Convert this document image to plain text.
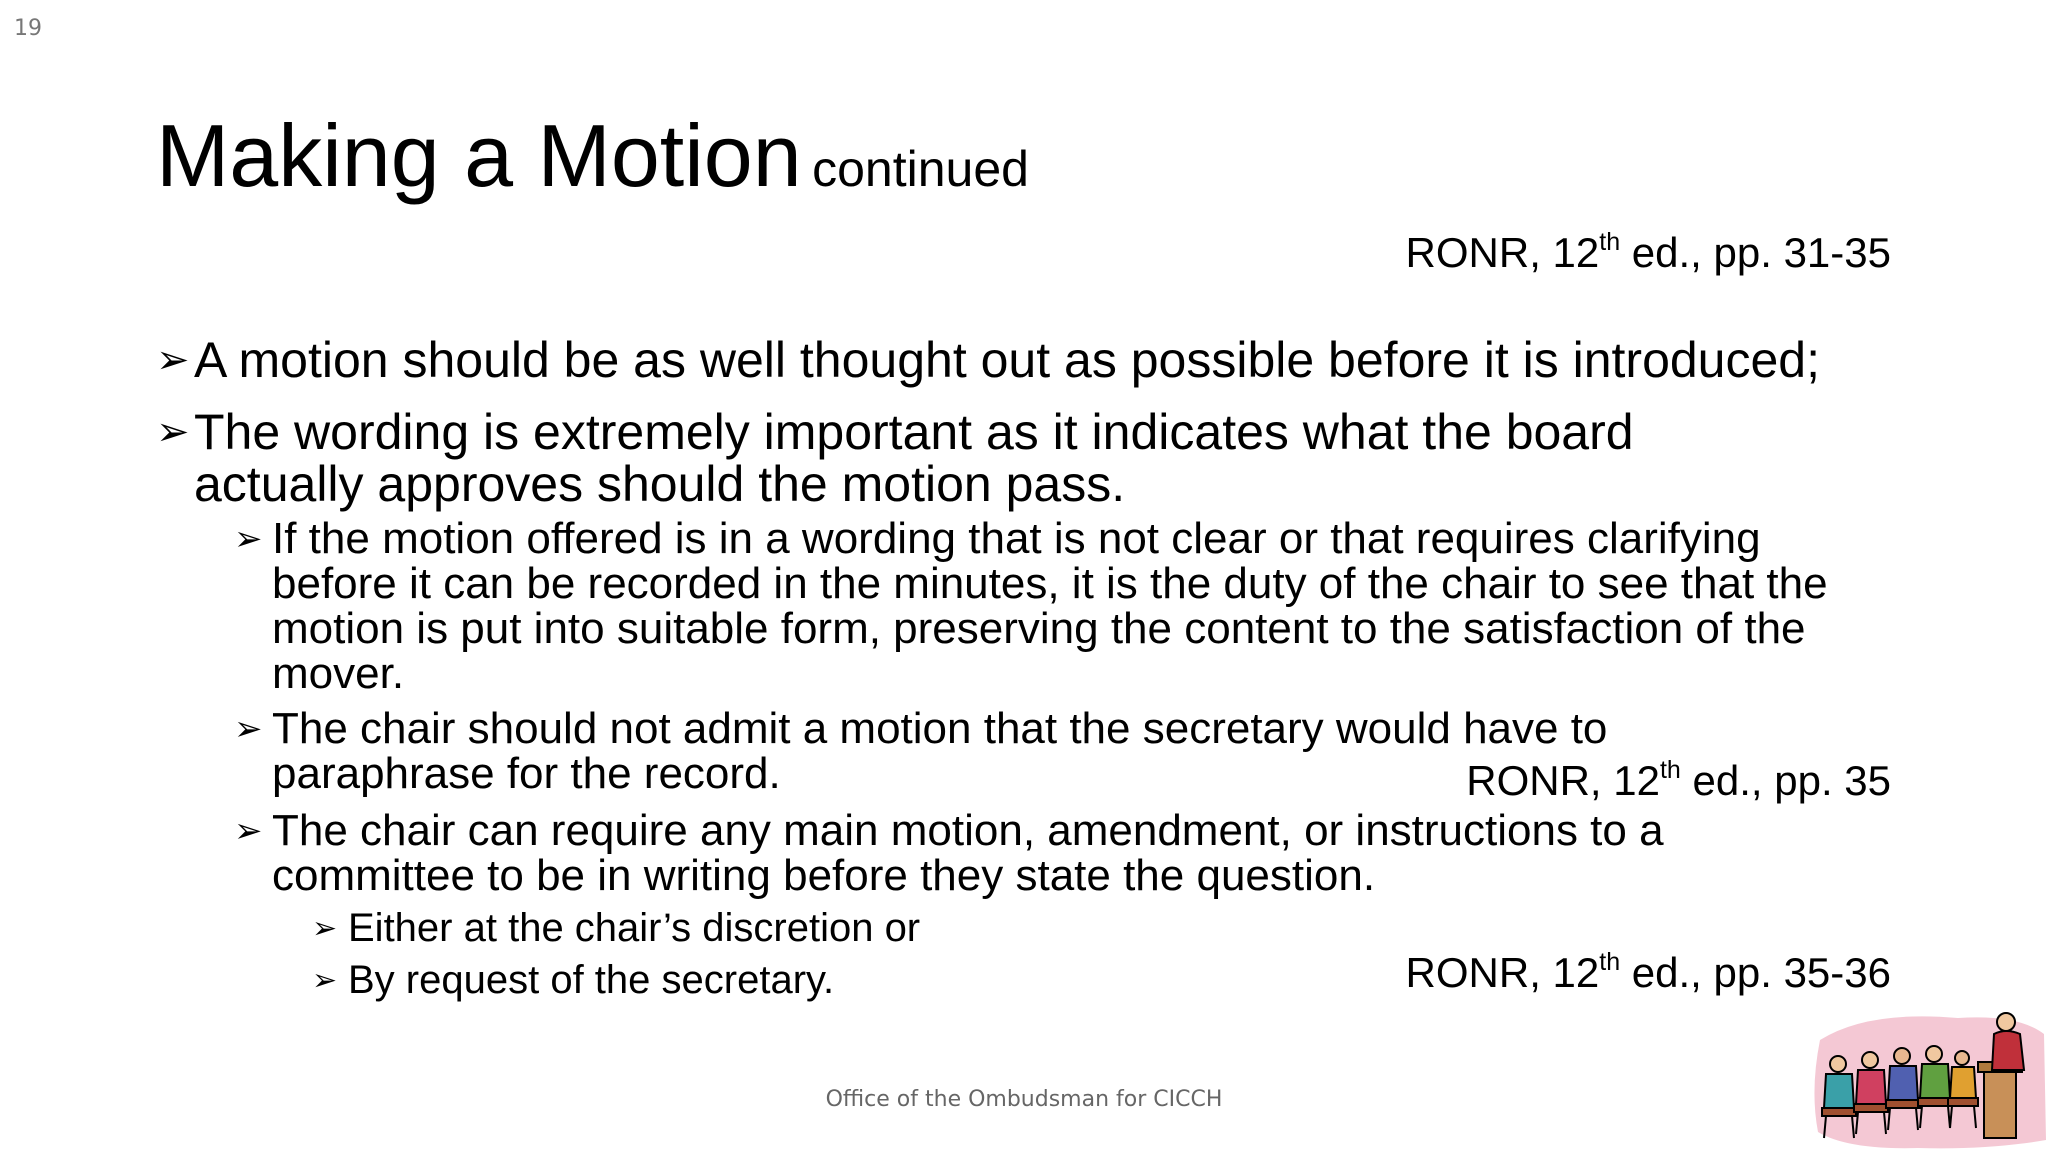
19
Making a Motion continued
RONR, 12th ed., pp. 31-35
➢ A motion should be as well thought out as possible before it is introduced;
➢ The wording is extremely important as it indicates what the board actually approves should the motion pass.
➢ If the motion offered is in a wording that is not clear or that requires clarifying before it can be recorded in the minutes, it is the duty of the chair to see that the motion is put into suitable form, preserving the content to the satisfaction of the mover.
➢ The chair should not admit a motion that the secretary would have to paraphrase for the record.	RONR, 12th ed., pp. 35
➢ The chair can require any main motion, amendment, or instructions to a committee to be in writing before they state the question.
➢ Either at the chair’s discretion or
➢ By request of the secretary.	RONR, 12th ed., pp. 35-36
Office of the Ombudsman for CICCH
